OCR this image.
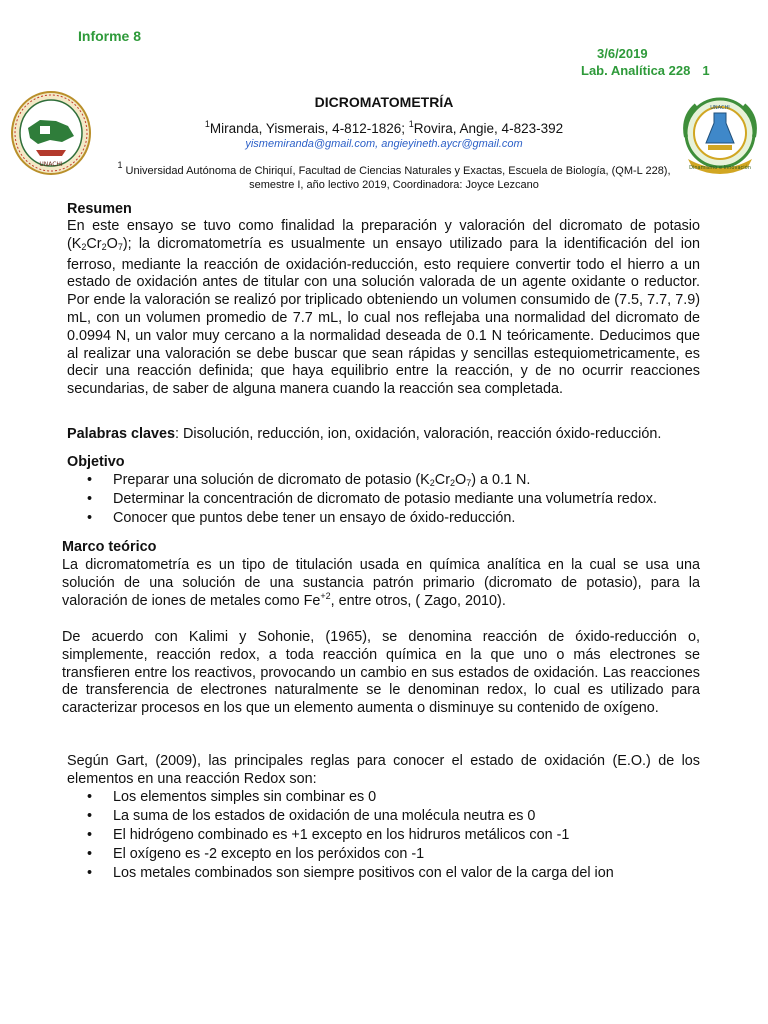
Informe 8
3/6/2019
Lab. Analítica 228 1
UNACHI
UNACHI
Dinamismo e Innovación
DICROMATOMETRÍA
$^1$Miranda, Yismerais, 4-812-1826; $^1$Rovira, Angie, 4-823-392
yismemiranda@gmail.com, angieyineth.aycr@gmail.com
$^1$ Universidad Autónoma de Chiriquí, Facultad de Ciencias Naturales y Exactas, Escuela de Biología, (QM-L 228), semestre I, año lectivo 2019, Coordinadora: Joyce Lezcano
Resumen
En este ensayo se tuvo como finalidad la preparación y valoración del dicromato de potasio $(K_2Cr_2O_7)$; la dicromatometría es usualmente un ensayo utilizado para la identificación del ion ferroso, mediante la reacción de oxidación-reducción, esto requiere convertir todo el hierro a un estado de oxidación antes de titular con una solución valorada de un agente oxidante o reductor. Por ende la valoración se realizó por triplicado obteniendo un volumen consumido de (7.5, 7.7, 7.9) mL, con un volumen promedio de 7.7 mL, lo cual nos reflejaba una normalidad del dicromato de 0.0994 N, un valor muy cercano a la normalidad deseada de 0.1 N teóricamente. Deducimos que al realizar una valoración se debe buscar que sean rápidas y sencillas estequiometricamente, es decir una reacción definida; que haya equilibrio entre la reacción, y de no ocurrir reacciones secundarias, de saber de alguna manera cuando la reacción sea completada.
Palabras claves: Disolución, reducción, ion, oxidación, valoración, reacción óxido-reducción.
Objetivo
• Preparar una solución de dicromato de potasio $(K_2Cr_2O_7)$ a 0.1 N.
• Determinar la concentración de dicromato de potasio mediante una volumetría redox.
• Conocer que puntos debe tener un ensayo de óxido-reducción.
Marco teórico
La dicromatometría es un tipo de titulación usada en química analítica en la cual se usa una solución de una solución de una sustancia patrón primario (dicromato de potasio), para la valoración de iones de metales como $Fe^{+2}$, entre otros, ( Zago, 2010).
De acuerdo con Kalimi y Sohonie, (1965), se denomina reacción de óxido-reducción o, simplemente, reacción redox, a toda reacción química en la que uno o más electrones se transfieren entre los reactivos, provocando un cambio en sus estados de oxidación. Las reacciones de transferencia de electrones naturalmente se le denominan redox, lo cual es utilizado para caracterizar procesos en los que un elemento aumenta o disminuye su contenido de oxígeno.
Según Gart, (2009), las principales reglas para conocer el estado de oxidación (E.O.) de los elementos en una reacción Redox son:
• Los elementos simples sin combinar es 0
• La suma de los estados de oxidación de una molécula neutra es 0
• El hidrógeno combinado es +1 excepto en los hidruros metálicos con -1
• El oxígeno es -2 excepto en los peróxidos con -1
• Los metales combinados son siempre positivos con el valor de la carga del ion
